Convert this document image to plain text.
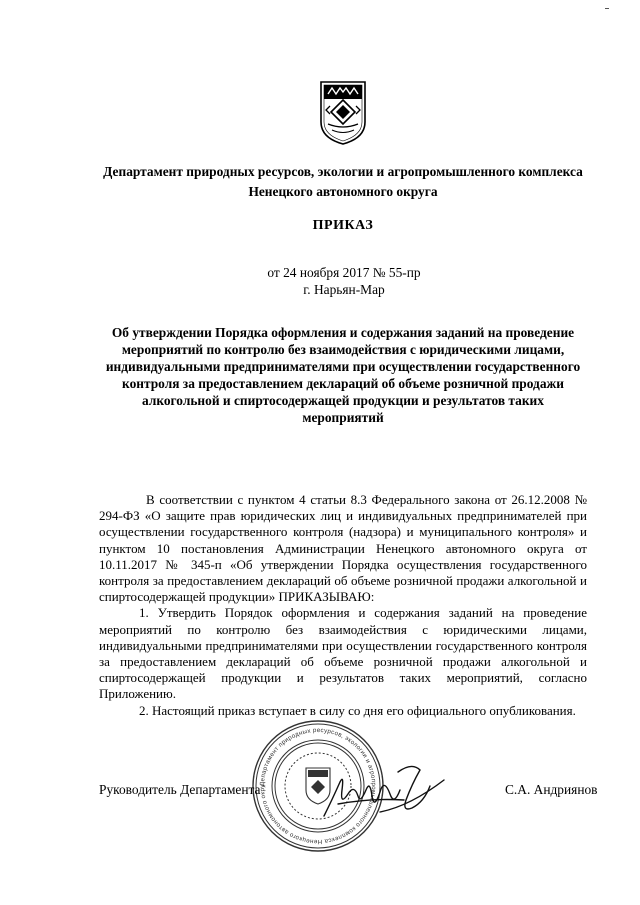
Департамент природных ресурсов, экологии и агропромышленного комплекса Ненецкого автономного округа
ПРИКАЗ
от 24 ноября 2017 № 55-пр
г. Нарьян-Мар
Об утверждении Порядка оформления и содержания заданий на проведение мероприятий по контролю без взаимодействия с юридическими лицами, индивидуальными предпринимателями при осуществлении государственного контроля за предоставлением деклараций об объеме розничной продажи алкогольной и спиртосодержащей продукции и результатов таких мероприятий

В соответствии с пунктом 4 статьи 8.3 Федерального закона от 26.12.2008 № 294-ФЗ «О защите прав юридических лиц и индивидуальных предпринимателей при осуществлении государственного контроля (надзора) и муниципального контроля» и пунктом 10 постановления Администрации Ненецкого автономного округа от 10.11.2017 № 345-п «Об утверждении Порядка осуществления государственного контроля за предоставлением деклараций об объеме розничной продажи алкогольной и спиртосодержащей продукции» ПРИКАЗЫВАЮ:

1. Утвердить Порядок оформления и содержания заданий на проведение мероприятий по контролю без взаимодействия с юридическими лицами, индивидуальными предпринимателями при осуществлении государственного контроля за предоставлением деклараций об объеме розничной продажи алкогольной и спиртосодержащей продукции и результатов таких мероприятий, согласно Приложению.

2. Настоящий приказ вступает в силу со дня его официального опубликования.

Департамент природных ресурсов, экологии и агропромышленного комплекса Ненецкого автономного окру
Руководитель Департамента	С.А. Андриянов
